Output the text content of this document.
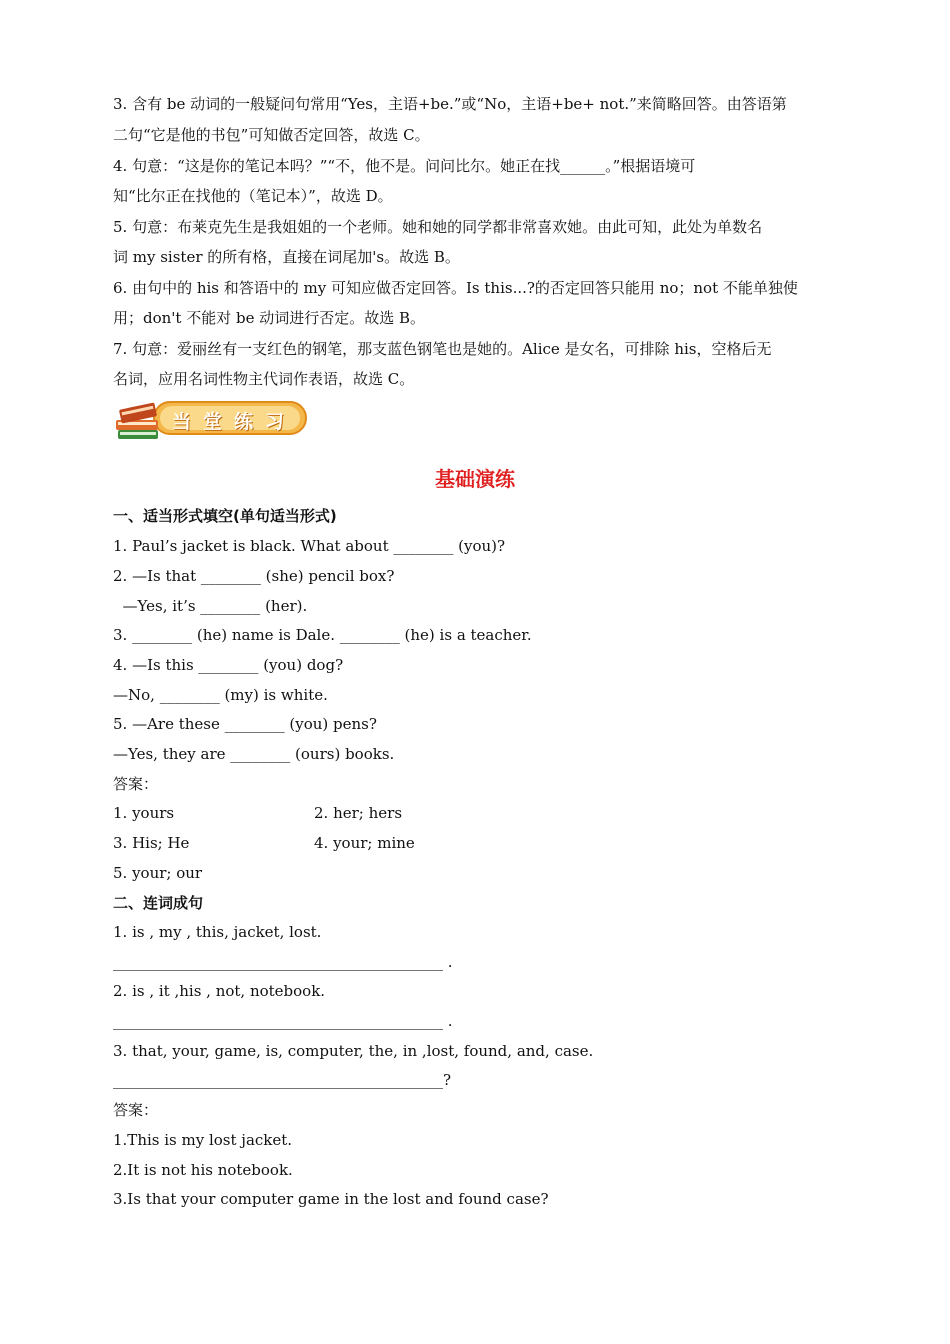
3. 含有 be 动词的一般疑问句常用“Yes，主语+be.”或“No，主语+be+ not.”来简略回答。由答语第
二句“它是他的书包”可知做否定回答，故选 C。
4. 句意：“这是你的笔记本吗？”“不，他不是。问问比尔。她正在找______。”根据语境可
知“比尔正在找他的（笔记本）”，故选 D。
5. 句意：布莱克先生是我姐姐的一个老师。她和她的同学都非常喜欢她。由此可知，此处为单数名
词 my sister 的所有格，直接在词尾加's。故选 B。
6. 由句中的 his 和答语中的 my 可知应做否定回答。Is this...?的否定回答只能用 no；not 不能单独使
用；don't 不能对 be 动词进行否定。故选 B。
7. 句意：爱丽丝有一支红色的钢笔，那支蓝色钢笔也是她的。Alice 是女名，可排除 his，空格后无
名词，应用名词性物主代词作表语，故选 C。
当堂练习
基础演练
一、适当形式填空(单句适当形式)
1. Paul’s jacket is black. What about ________ (you)?
2. —Is that ________ (she) pencil box?
—Yes, it’s ________ (her).
3. ________ (he) name is Dale. ________ (he) is a teacher.
4. —Is this ________ (you) dog?
—No, ________ (my) is white.
5. —Are these ________ (you) pens?
—Yes, they are ________ (ours) books.
答案：
1. yours	2. her; hers
3. His; He	4. your; mine
5. your; our
二、连词成句
1. is , my , this, jacket, lost.
____________________________________________ .
2. is , it ,his , not, notebook.
____________________________________________ .
3. that, your, game, is, computer, the, in ,lost, found, and, case.
____________________________________________?
答案：
1.This is my lost jacket.
2.It is not his notebook.
3.Is that your computer game in the lost and found case?
